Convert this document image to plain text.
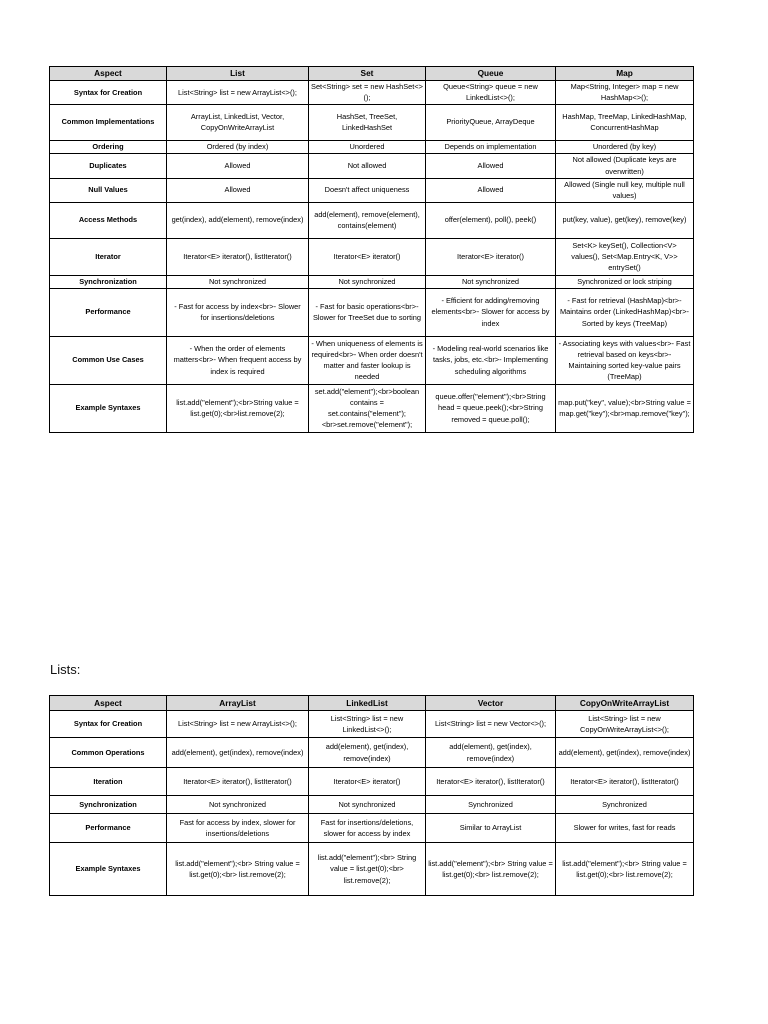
Aspect	List	Set	Queue	Map
Syntax for Creation	List<String> list = new ArrayList<>();	Set<String> set = new HashSet<>();	Queue<String> queue = new LinkedList<>();	Map<String, Integer> map = new HashMap<>();
Common Implementations	ArrayList, LinkedList, Vector, CopyOnWriteArrayList	HashSet, TreeSet, LinkedHashSet	PriorityQueue, ArrayDeque	HashMap, TreeMap, LinkedHashMap, ConcurrentHashMap
Ordering	Ordered (by index)	Unordered	Depends on implementation	Unordered (by key)
Duplicates	Allowed	Not allowed	Allowed	Not allowed (Duplicate keys are overwritten)
Null Values	Allowed	Doesn't affect uniqueness	Allowed	Allowed (Single null key, multiple null values)
Access Methods	get(index), add(element), remove(index)	add(element), remove(element), contains(element)	offer(element), poll(), peek()	put(key, value), get(key), remove(key)
Iterator	Iterator<E> iterator(), listIterator()	Iterator<E> iterator()	Iterator<E> iterator()	Set<K> keySet(), Collection<V> values(), Set<Map.Entry<K, V>> entrySet()
Synchronization	Not synchronized	Not synchronized	Not synchronized	Synchronized or lock striping
Performance	- Fast for access by index<br>- Slower for insertions/deletions	- Fast for basic operations<br>- Slower for TreeSet due to sorting	- Efficient for adding/removing elements<br>- Slower for access by index	- Fast for retrieval (HashMap)<br>- Maintains order (LinkedHashMap)<br>- Sorted by keys (TreeMap)
Common Use Cases	- When the order of elements matters<br>- When frequent access by index is required	- When uniqueness of elements is required<br>- When order doesn't matter and faster lookup is needed	- Modeling real-world scenarios like tasks, jobs, etc.<br>- Implementing scheduling algorithms	- Associating keys with values<br>- Fast retrieval based on keys<br>- Maintaining sorted key-value pairs (TreeMap)
Example Syntaxes	list.add("element");<br>String value = list.get(0);<br>list.remove(2);	set.add("element");<br>boolean contains = set.contains("element");<br>set.remove("element");	queue.offer("element");<br>String head = queue.peek();<br>String removed = queue.poll();	map.put("key", value);<br>String value = map.get("key");<br>map.remove("key");
Lists:
Aspect	ArrayList	LinkedList	Vector	CopyOnWriteArrayList
Syntax for Creation	List<String> list = new ArrayList<>();	List<String> list = new LinkedList<>();	List<String> list = new Vector<>();	List<String> list = new CopyOnWriteArrayList<>();
Common Operations	add(element), get(index), remove(index)	add(element), get(index), remove(index)	add(element), get(index), remove(index)	add(element), get(index), remove(index)
Iteration	Iterator<E> iterator(), listIterator()	Iterator<E> iterator()	Iterator<E> iterator(), listIterator()	Iterator<E> iterator(), listIterator()
Synchronization	Not synchronized	Not synchronized	Synchronized	Synchronized
Performance	Fast for access by index, slower for insertions/deletions	Fast for insertions/deletions, slower for access by index	Similar to ArrayList	Slower for writes, fast for reads
Example Syntaxes	list.add("element");<br> String value = list.get(0);<br> list.remove(2);	list.add("element");<br> String value = list.get(0);<br> list.remove(2);	list.add("element");<br> String value = list.get(0);<br> list.remove(2);	list.add("element");<br> String value = list.get(0);<br> list.remove(2);
